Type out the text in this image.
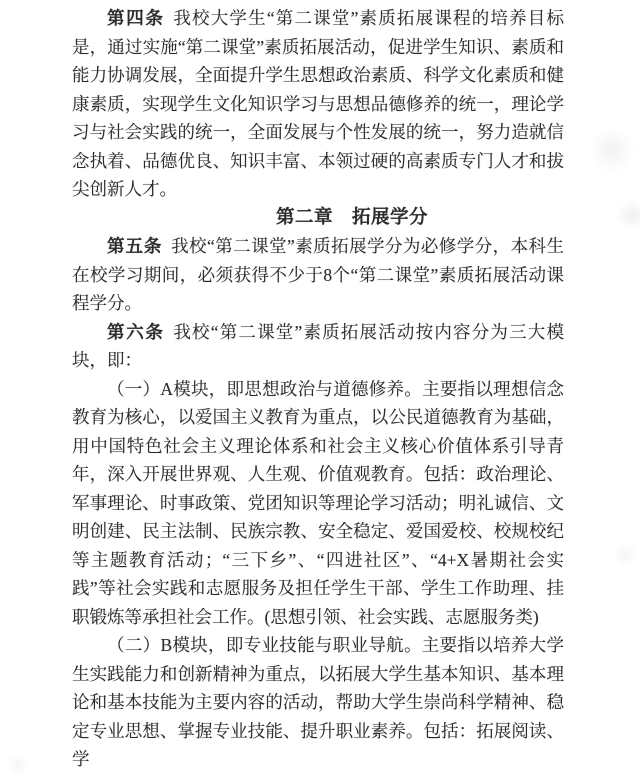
第四条 我校大学生“第二课堂”素质拓展课程的培养目标是，通过实施“第二课堂”素质拓展活动，促进学生知识、素质和能力协调发展，全面提升学生思想政治素质、科学文化素质和健康素质，实现学生文化知识学习与思想品德修养的统一，理论学习与社会实践的统一，全面发展与个性发展的统一，努力造就信念执着、品德优良、知识丰富、本领过硬的高素质专门人才和拔尖创新人才。

第二章　拓展学分

第五条 我校“第二课堂”素质拓展学分为必修学分，本科生在校学习期间，必须获得不少于8个“第二课堂”素质拓展活动课程学分。

第六条 我校“第二课堂”素质拓展活动按内容分为三大模块，即：

（一）A模块，即思想政治与道德修养。主要指以理想信念教育为核心，以爱国主义教育为重点，以公民道德教育为基础，用中国特色社会主义理论体系和社会主义核心价值体系引导青年，深入开展世界观、人生观、价值观教育。包括：政治理论、军事理论、时事政策、党团知识等理论学习活动；明礼诚信、文明创建、民主法制、民族宗教、安全稳定、爱国爱校、校规校纪等主题教育活动；“三下乡”、“四进社区”、“4+X暑期社会实践”等社会实践和志愿服务及担任学生干部、学生工作助理、挂职锻炼等承担社会工作。(思想引领、社会实践、志愿服务类)

（二）B模块，即专业技能与职业导航。主要指以培养大学生实践能力和创新精神为重点，以拓展大学生基本知识、基本理论和基本技能为主要内容的活动，帮助大学生崇尚科学精神、稳定专业思想、掌握专业技能、提升职业素养。包括：拓展阅读、学
